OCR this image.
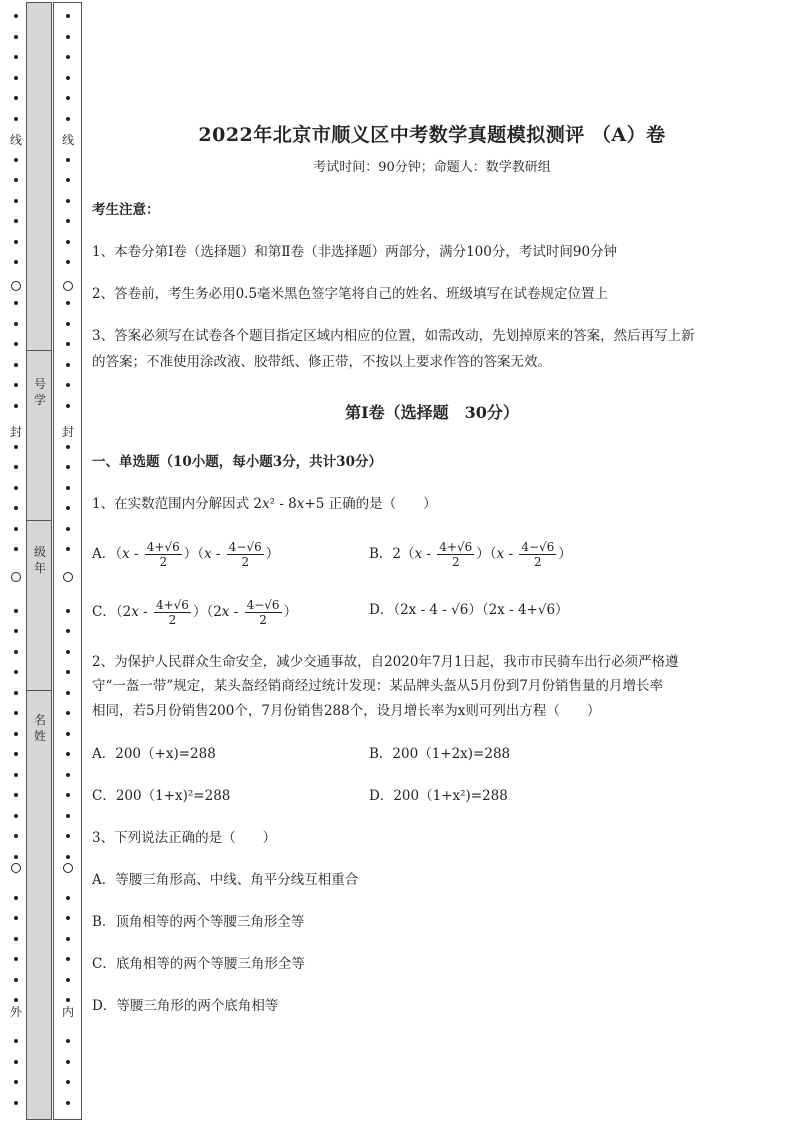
线
封
外
号
学
级
年
名
姓
线
封
内
2022年北京市顺义区中考数学真题模拟测评 （A）卷
考试时间：90分钟；命题人：数学教研组
考生注意：
1、本卷分第I卷（选择题）和第Ⅱ卷（非选择题）两部分，满分100分，考试时间90分钟
2、答卷前，考生务必用0.5毫米黑色签字笔将自己的姓名、班级填写在试卷规定位置上
3、答案必须写在试卷各个题目指定区域内相应的位置，如需改动，先划掉原来的答案，然后再写上新
的答案；不准使用涂改液、胶带纸、修正带，不按以上要求作答的答案无效。
第I卷（选择题　30分）
一、单选题（10小题，每小题3分，共计30分）
1、在实数范围内分解因式 2x² - 8x+5 正确的是（　　）
A．$(x - \frac{4+√6}{2} )(x - \frac{4-√6}{2}$ ）	B．$2(x - \frac{4+√6}{2} )(x - \frac{4-√6}{2}$ ）
C．$(2x - \frac{4+√6}{2} )(2x - \frac{4-√6}{2}$ ）	D．（2x - 4 - √6）（2x - 4+√6）
2、为保护人民群众生命安全，减少交通事故，自2020年7月1日起，我市市民骑车出行必须严格遵
守“一盔一带”规定，某头盔经销商经过统计发现：某品牌头盔从5月份到7月份销售量的月增长率
相同，若5月份销售200个，7月份销售288个，设月增长率为x则可列出方程（　　）
A．200（+x)=288	B．200（1+2x)=288
C．200（1+x)²=288	D．200（1+x²)=288
3、下列说法正确的是（　　）
A．等腰三角形高、中线、角平分线互相重合
B．顶角相等的两个等腰三角形全等
C．底角相等的两个等腰三角形全等
D．等腰三角形的两个底角相等
